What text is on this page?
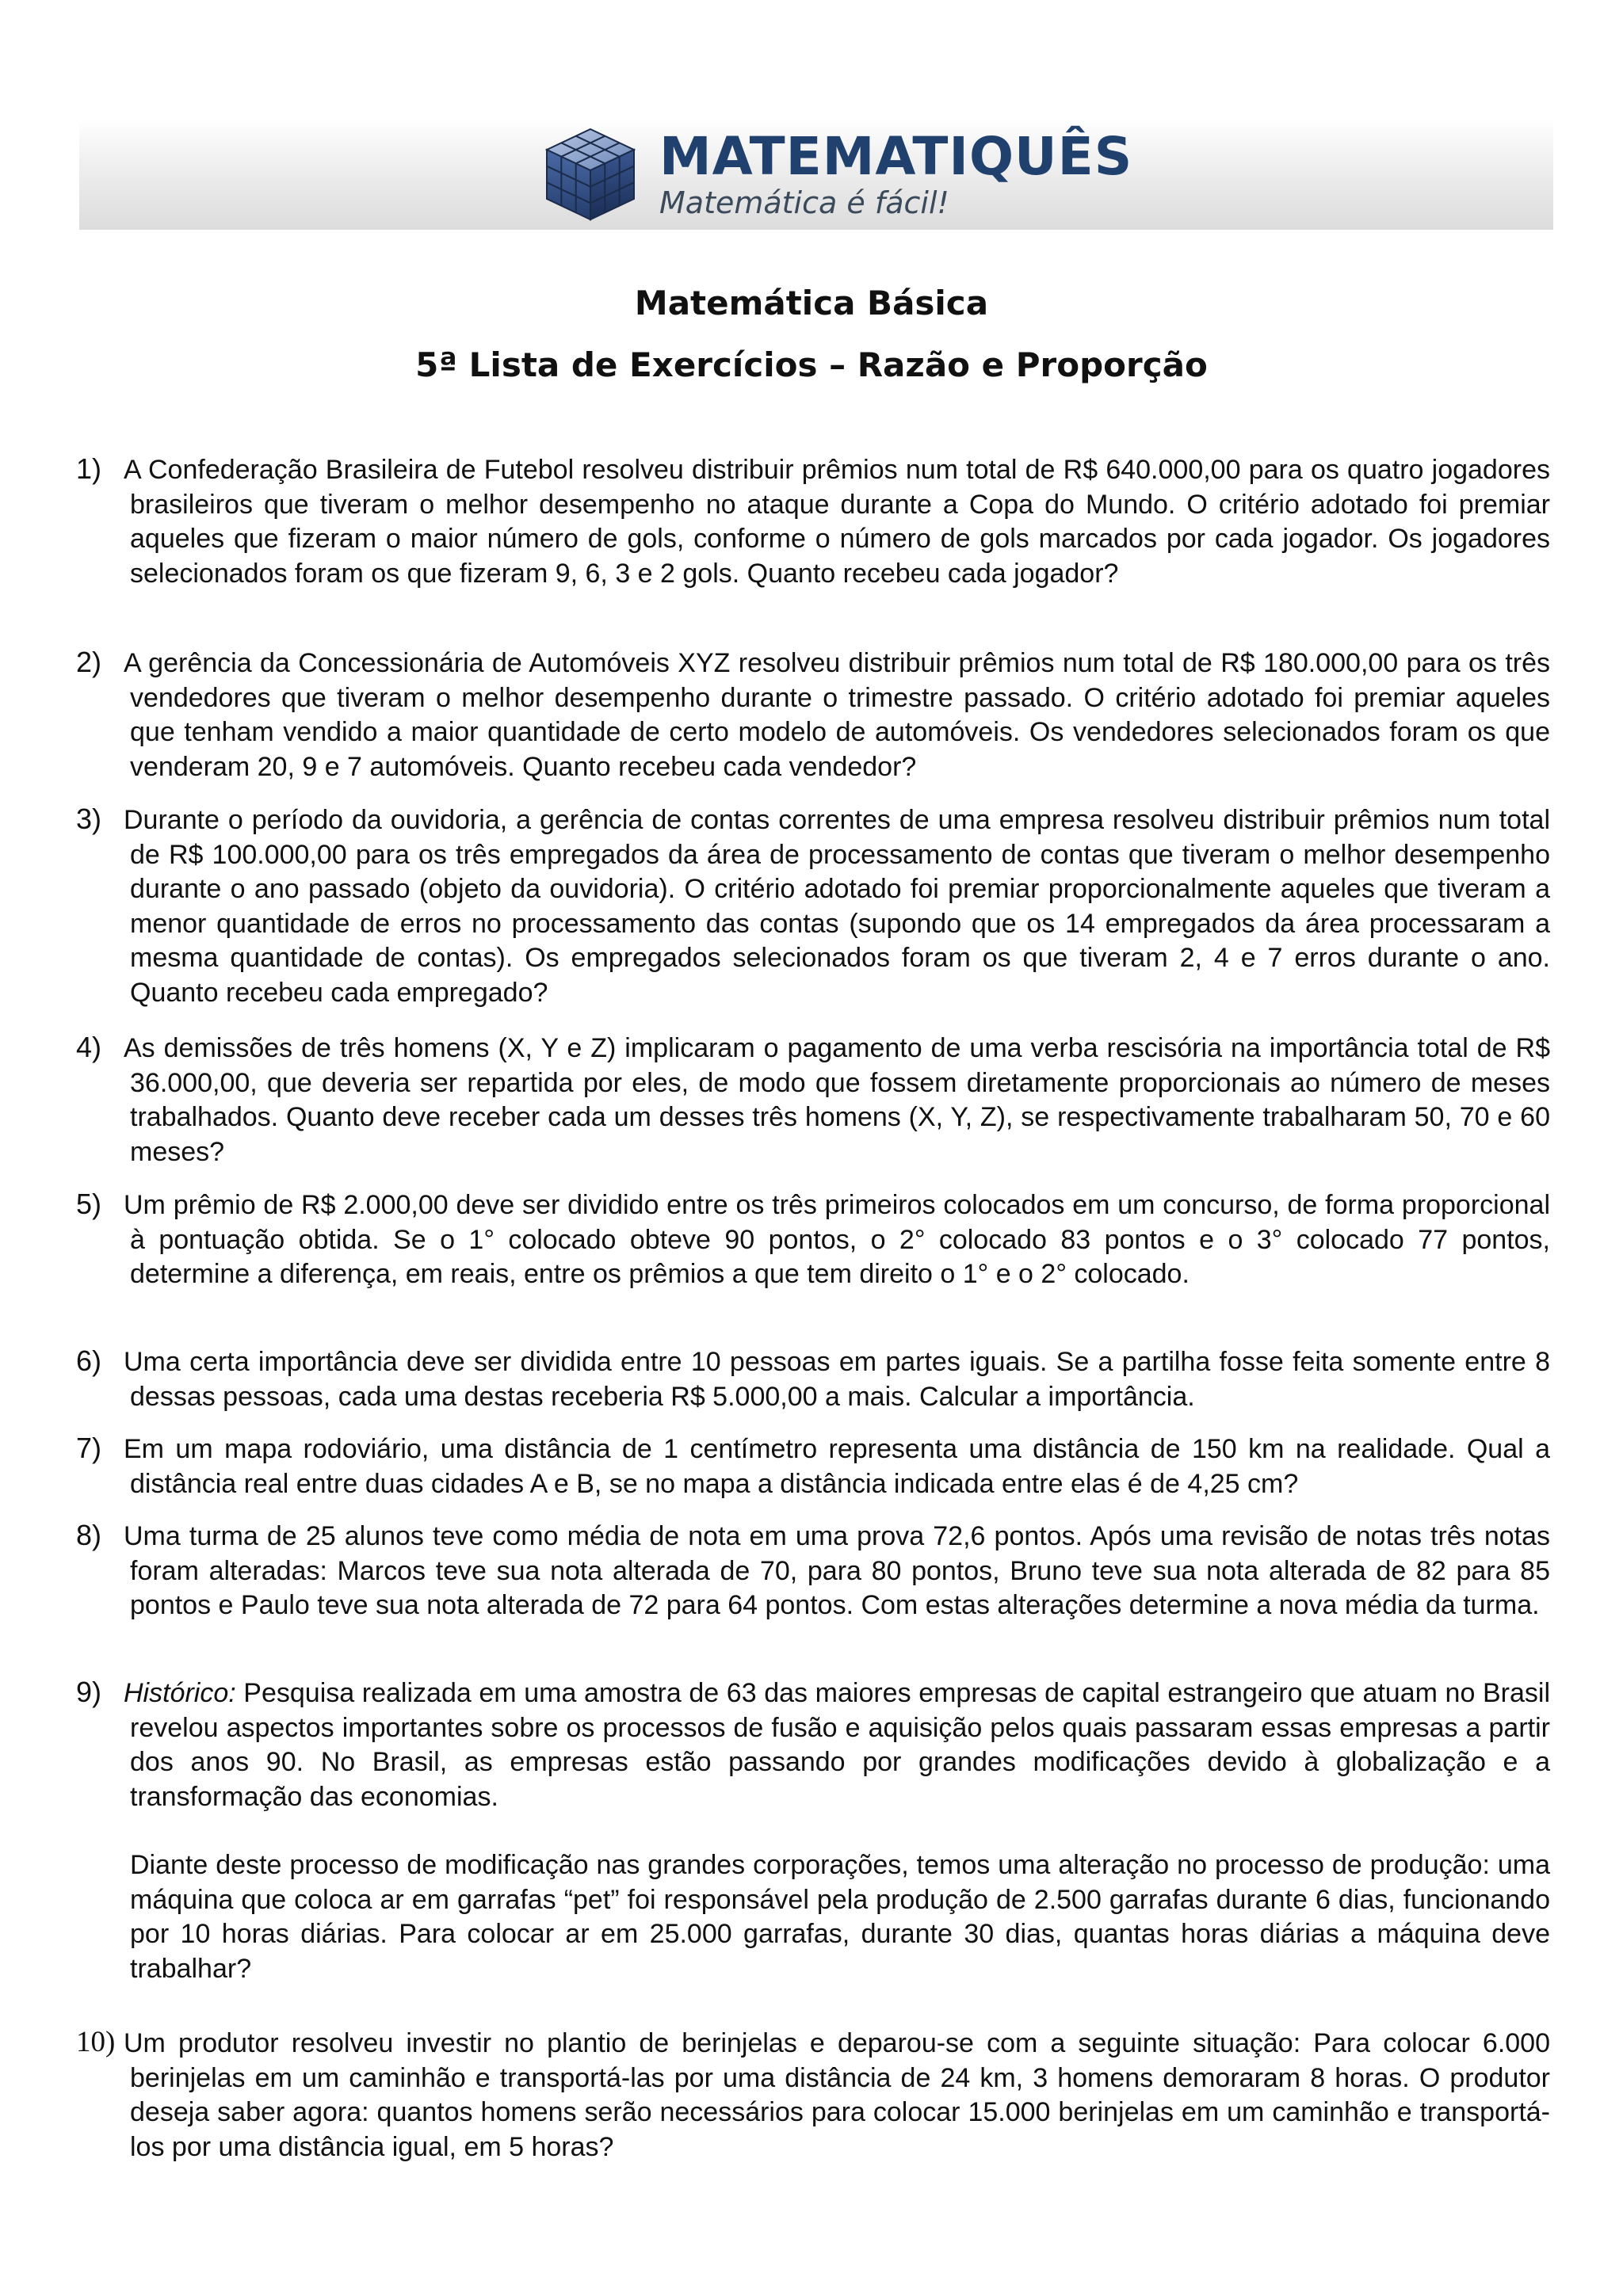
MATEMATIQUÊS
Matemática é fácil!
Matemática Básica
5ª Lista de Exercícios – Razão e Proporção
1) A Confederação Brasileira de Futebol resolveu distribuir prêmios num total de R$ 640.000,00 para os quatro jogadores brasileiros que tiveram o melhor desempenho no ataque durante a Copa do Mundo. O critério adotado foi premiar aqueles que fizeram o maior número de gols, conforme o número de gols marcados por cada jogador. Os jogadores selecionados foram os que fizeram 9, 6, 3 e 2 gols. Quanto recebeu cada jogador?

2) A gerência da Concessionária de Automóveis XYZ resolveu distribuir prêmios num total de R$ 180.000,00 para os três vendedores que tiveram o melhor desempenho durante o trimestre passado. O critério adotado foi premiar aqueles que tenham vendido a maior quantidade de certo modelo de automóveis. Os vendedores selecionados foram os que venderam 20, 9 e 7 automóveis. Quanto recebeu cada vendedor?

3) Durante o período da ouvidoria, a gerência de contas correntes de uma empresa resolveu distribuir prêmios num total de R$ 100.000,00 para os três empregados da área de processamento de contas que tiveram o melhor desempenho durante o ano passado (objeto da ouvidoria). O critério adotado foi premiar proporcionalmente aqueles que tiveram a menor quantidade de erros no processamento das contas (supondo que os 14 empregados da área processaram a mesma quantidade de contas). Os empregados selecionados foram os que tiveram 2, 4 e 7 erros durante o ano. Quanto recebeu cada empregado?

4) As demissões de três homens (X, Y e Z) implicaram o pagamento de uma verba rescisória na importância total de R$ 36.000,00, que deveria ser repartida por eles, de modo que fossem diretamente proporcionais ao número de meses trabalhados. Quanto deve receber cada um desses três homens (X, Y, Z), se respectivamente trabalharam 50, 70 e 60 meses?

5) Um prêmio de R$ 2.000,00 deve ser dividido entre os três primeiros colocados em um concurso, de forma proporcional à pontuação obtida. Se o 1° colocado obteve 90 pontos, o 2° colocado 83 pontos e o 3° colocado 77 pontos, determine a diferença, em reais, entre os prêmios a que tem direito o 1° e o 2° colocado.

6) Uma certa importância deve ser dividida entre 10 pessoas em partes iguais. Se a partilha fosse feita somente entre 8 dessas pessoas, cada uma destas receberia R$ 5.000,00 a mais. Calcular a importância.

7) Em um mapa rodoviário, uma distância de 1 centímetro representa uma distância de 150 km na realidade. Qual a distância real entre duas cidades A e B, se no mapa a distância indicada entre elas é de 4,25 cm?

8) Uma turma de 25 alunos teve como média de nota em uma prova 72,6 pontos. Após uma revisão de notas três notas foram alteradas: Marcos teve sua nota alterada de 70, para 80 pontos, Bruno teve sua nota alterada de 82 para 85 pontos e Paulo teve sua nota alterada de 72 para 64 pontos. Com estas alterações determine a nova média da turma.

9) Histórico: Pesquisa realizada em uma amostra de 63 das maiores empresas de capital estrangeiro que atuam no Brasil revelou aspectos importantes sobre os processos de fusão e aquisição pelos quais passaram essas empresas a partir dos anos 90. No Brasil, as empresas estão passando por grandes modificações devido à globalização e a transformação das economias.

Diante deste processo de modificação nas grandes corporações, temos uma alteração no processo de produção: uma máquina que coloca ar em garrafas “pet” foi responsável pela produção de 2.500 garrafas durante 6 dias, funcionando por 10 horas diárias. Para colocar ar em 25.000 garrafas, durante 30 dias, quantas horas diárias a máquina deve trabalhar?

10) Um produtor resolveu investir no plantio de berinjelas e deparou-se com a seguinte situação: Para colocar 6.000 berinjelas em um caminhão e transportá-las por uma distância de 24 km, 3 homens demoraram 8 horas. O produtor deseja saber agora: quantos homens serão necessários para colocar 15.000 berinjelas em um caminhão e transportá-los por uma distância igual, em 5 horas?
